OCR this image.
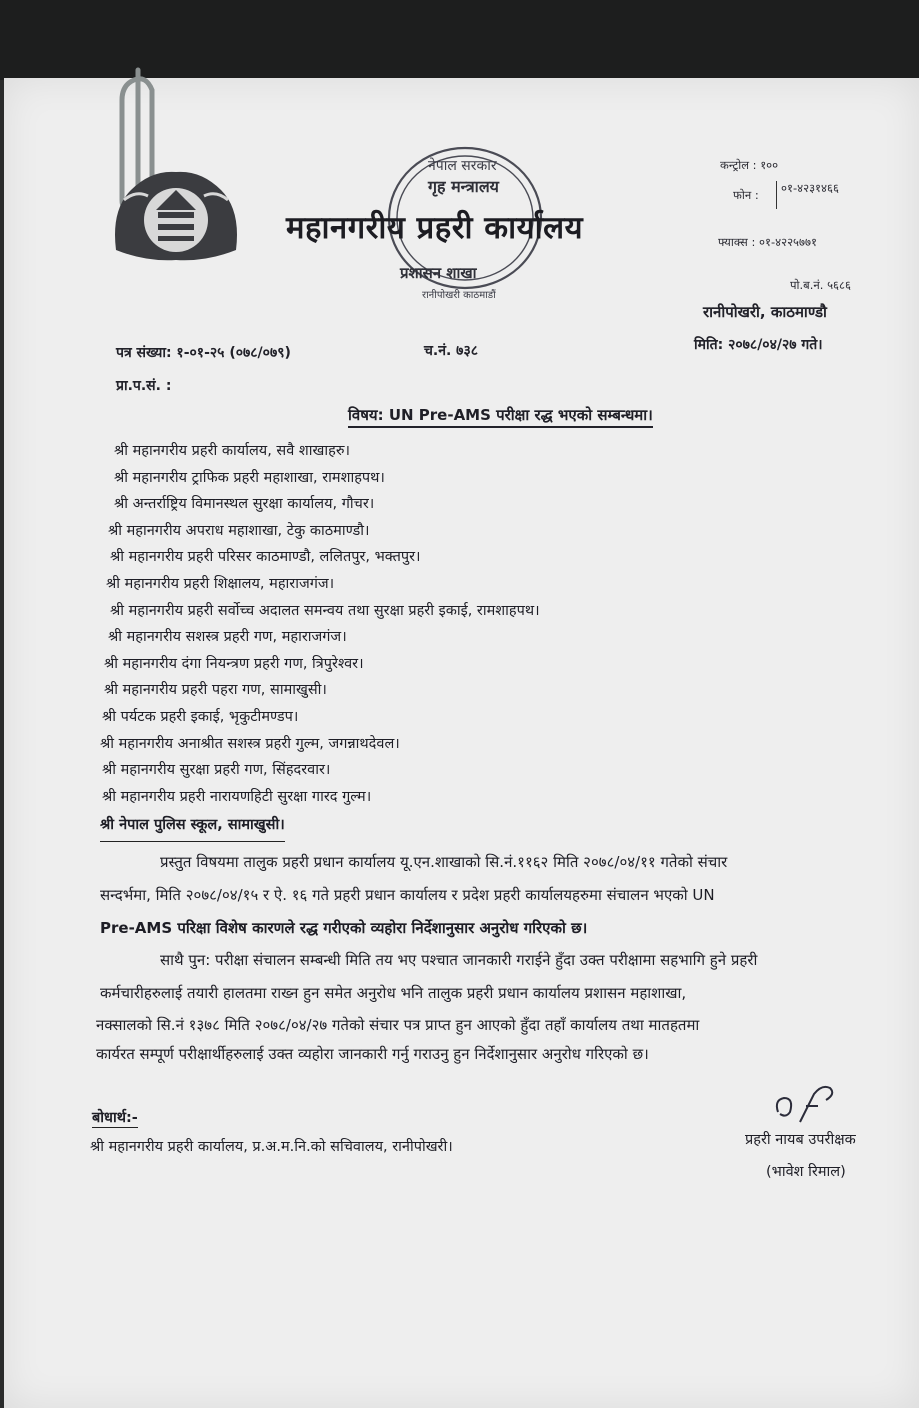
नेपाल सरकार
गृह मन्त्रालय
प्रशासन शाखा
रानीपोखरी काठमाडौं
महानगरीय प्रहरी कार्यालय
कन्ट्रोल : १००
फोन :	०१-४२३१४६६
फ्याक्स : ०१-४२२५७७१
पो.ब.नं. ५६८६
रानीपोखरी, काठमाण्डौ
पत्र संख्या: १-०१-२५ (०७८/०७९)	च.नं. ७३८	मिति: २०७८/०४/२७ गते।
प्रा.प.सं. :
विषय: UN Pre-AMS परीक्षा रद्ध भएको सम्बन्धमा।
श्री महानगरीय प्रहरी कार्यालय, सवै शाखाहरु।
श्री महानगरीय ट्राफिक प्रहरी महाशाखा, रामशाहपथ।
श्री अन्तर्राष्ट्रिय विमानस्थल सुरक्षा कार्यालय, गौचर।
श्री महानगरीय अपराध महाशाखा, टेकु काठमाण्डौ।
श्री महानगरीय प्रहरी परिसर काठमाण्डौ, ललितपुर, भक्तपुर।
श्री महानगरीय प्रहरी शिक्षालय, महाराजगंज।
श्री महानगरीय प्रहरी सर्वोच्च अदालत समन्वय तथा सुरक्षा प्रहरी इकाई, रामशाहपथ।
श्री महानगरीय सशस्त्र प्रहरी गण, महाराजगंज।
श्री महानगरीय दंगा नियन्त्रण प्रहरी गण, त्रिपुरेश्वर।
श्री महानगरीय प्रहरी पहरा गण, सामाखुसी।
श्री पर्यटक प्रहरी इकाई, भृकुटीमण्डप।
श्री महानगरीय अनाश्रीत सशस्त्र प्रहरी गुल्म, जगन्नाथदेवल।
श्री महानगरीय सुरक्षा प्रहरी गण, सिंहदरवार।
श्री महानगरीय प्रहरी नारायणहिटी सुरक्षा गारद गुल्म।
श्री नेपाल पुलिस स्कूल, सामाखुसी।
प्रस्तुत विषयमा तालुक प्रहरी प्रधान कार्यालय यू.एन.शाखाको सि.नं.११६२ मिति २०७८/०४/११ गतेको संचार
सन्दर्भमा, मिति २०७८/०४/१५ र ऐ. १६ गते प्रहरी प्रधान कार्यालय र प्रदेश प्रहरी कार्यालयहरुमा संचालन भएको UN
Pre-AMS परिक्षा विशेष कारणले रद्ध गरीएको व्यहोरा निर्देशानुसार अनुरोध गरिएको छ।
साथै पुन: परीक्षा संचालन सम्बन्धी मिति तय भए पश्चात जानकारी गराईने हुँदा उक्त परीक्षामा सहभागि हुने प्रहरी
कर्मचारीहरुलाई तयारी हालतमा राख्न हुन समेत अनुरोध भनि तालुक प्रहरी प्रधान कार्यालय प्रशासन महाशाखा,
नक्सालको सि.नं १३७८ मिति २०७८/०४/२७ गतेको संचार पत्र प्राप्त हुन आएको हुँदा तहाँ कार्यालय तथा मातहतमा
कार्यरत सम्पूर्ण परीक्षार्थीहरुलाई उक्त व्यहोरा जानकारी गर्नु गराउनु हुन निर्देशानुसार अनुरोध गरिएको छ।
बोधार्थ:-
श्री महानगरीय प्रहरी कार्यालय, प्र.अ.म.नि.को सचिवालय, रानीपोखरी।	प्रहरी नायब उपरीक्षक
(भावेश रिमाल)
